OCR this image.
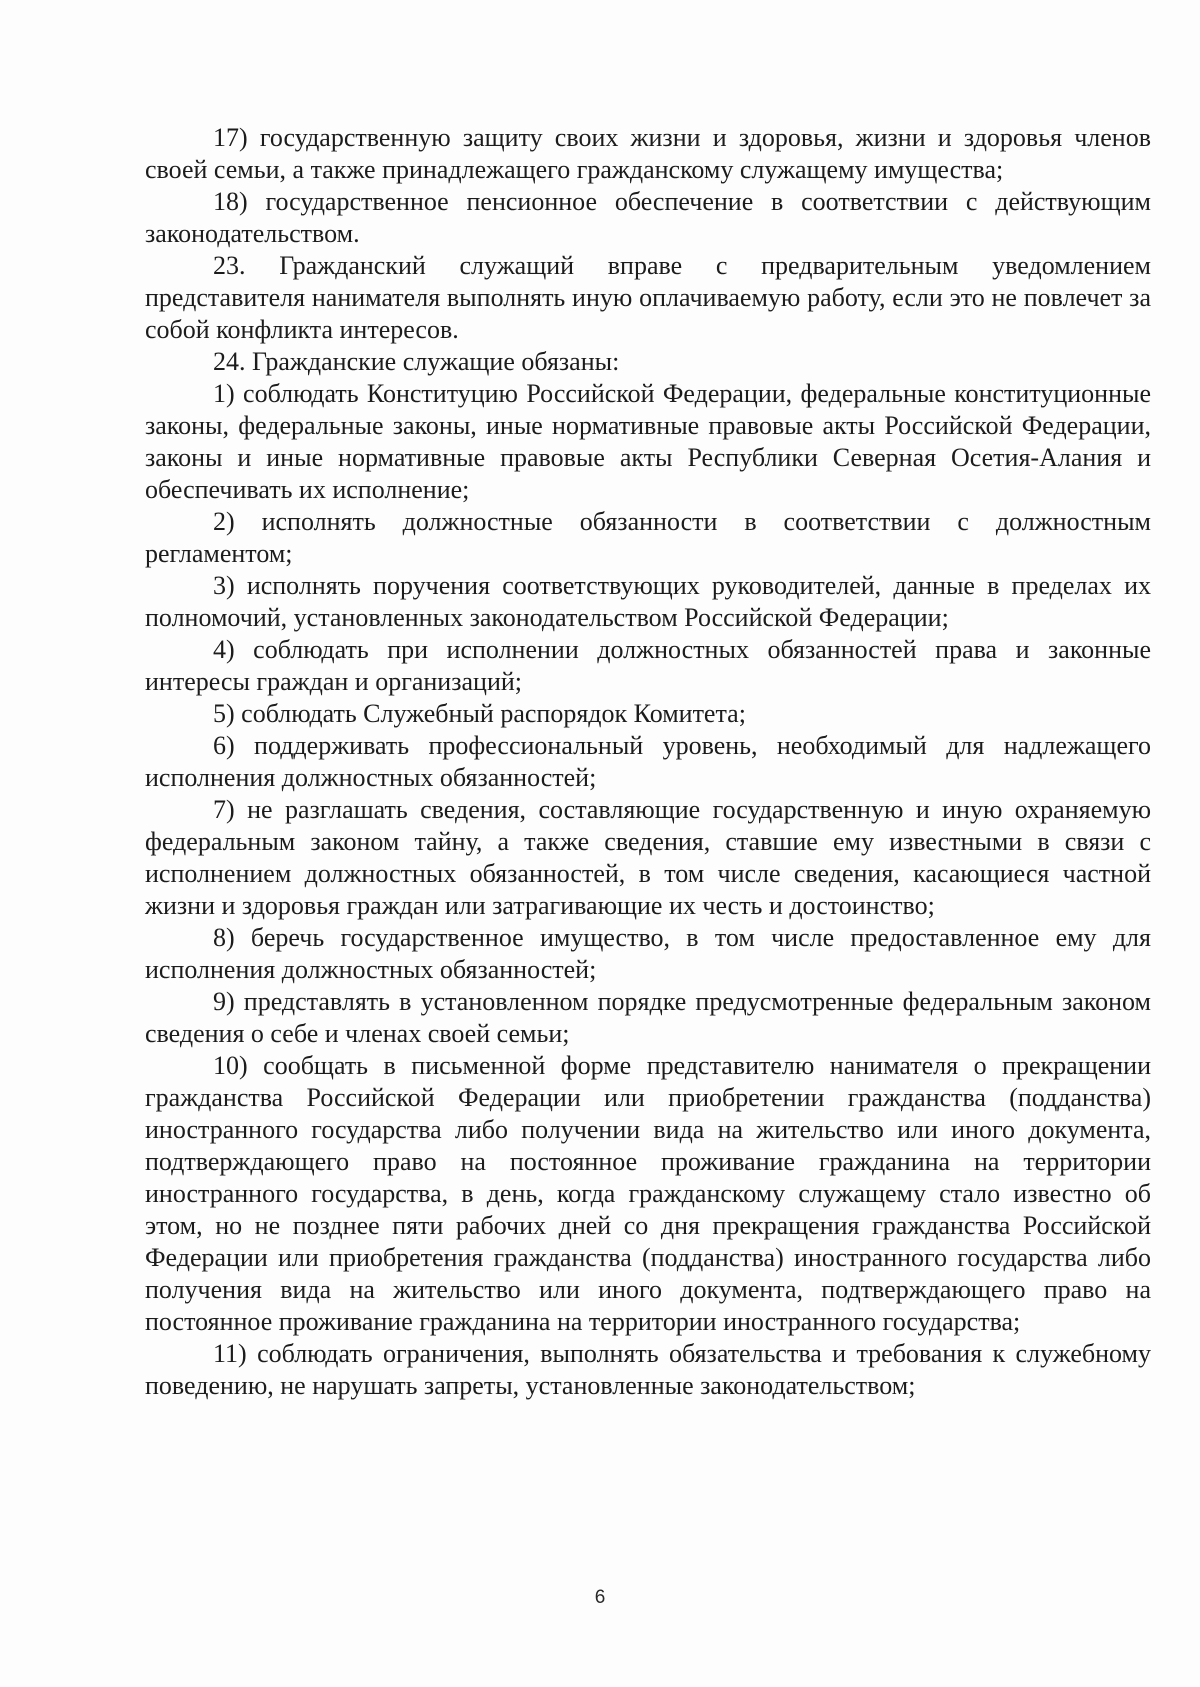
17) государственную защиту своих жизни и здоровья, жизни и здоровья членов своей семьи, а также принадлежащего гражданскому служащему имущества;

18) государственное пенсионное обеспечение в соответствии с действующим законодательством.

23. Гражданский служащий вправе с предварительным уведомлением представителя нанимателя выполнять иную оплачиваемую работу, если это не повлечет за собой конфликта интересов.

24. Гражданские служащие обязаны:

1) соблюдать Конституцию Российской Федерации, федеральные конституционные законы, федеральные законы, иные нормативные правовые акты Российской Федерации, законы и иные нормативные правовые акты Республики Северная Осетия-Алания и обеспечивать их исполнение;

2) исполнять должностные обязанности в соответствии с должностным регламентом;

3) исполнять поручения соответствующих руководителей, данные в пределах их полномочий, установленных законодательством Российской Федерации;

4) соблюдать при исполнении должностных обязанностей права и законные интересы граждан и организаций;

5) соблюдать Служебный распорядок Комитета;

6) поддерживать профессиональный уровень, необходимый для надлежащего исполнения должностных обязанностей;

7) не разглашать сведения, составляющие государственную и иную охраняемую федеральным законом тайну, а также сведения, ставшие ему известными в связи с исполнением должностных обязанностей, в том числе сведения, касающиеся частной жизни и здоровья граждан или затрагивающие их честь и достоинство;

8) беречь государственное имущество, в том числе предоставленное ему для исполнения должностных обязанностей;

9) представлять в установленном порядке предусмотренные федеральным законом сведения о себе и членах своей семьи;

10) сообщать в письменной форме представителю нанимателя о прекращении гражданства Российской Федерации или приобретении гражданства (подданства) иностранного государства либо получении вида на жительство или иного документа, подтверждающего право на постоянное проживание гражданина на территории иностранного государства, в день, когда гражданскому служащему стало известно об этом, но не позднее пяти рабочих дней со дня прекращения гражданства Российской Федерации или приобретения гражданства (подданства) иностранного государства либо получения вида на жительство или иного документа, подтверждающего право на постоянное проживание гражданина на территории иностранного государства;

11) соблюдать ограничения, выполнять обязательства и требования к служебному поведению, не нарушать запреты, установленные законодательством;

6
